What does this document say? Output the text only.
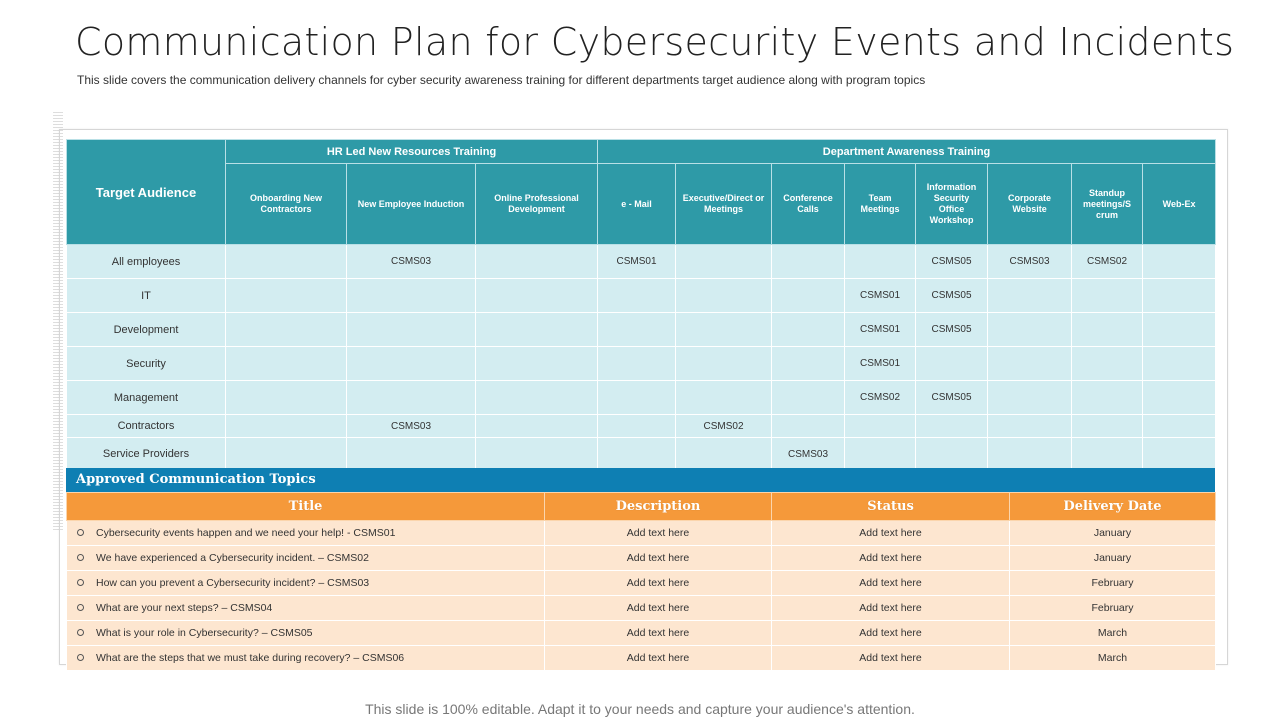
Communication Plan for Cybersecurity Events and Incidents
This slide covers the communication delivery channels for cyber security awareness training for different departments target audience along with program topics
Target Audience	HR Led New Resources Training			Department Awareness Training							
	Onboarding New Contractors	New Employee Induction	Online Professional Development	e - Mail	Executive/Direct or Meetings	Conference Calls	Team Meetings	Information Security Office Workshop	Corporate Website	Standup meetings/S crum	Web-Ex
All employees		CSMS03		CSMS01				CSMS05	CSMS03	CSMS02	
IT							CSMS01	CSMS05			
Development							CSMS01	CSMS05			
Security							CSMS01				
Management							CSMS02	CSMS05			
Contractors		CSMS03			CSMS02						
Service Providers						CSMS03					
Approved Communication Topics
Title	Description	Status	Delivery Date
Cybersecurity events happen and we need your help! - CSMS01	Add text here	Add text here	January
We have experienced a Cybersecurity incident. – CSMS02	Add text here	Add text here	January
How can you prevent a Cybersecurity incident? – CSMS03	Add text here	Add text here	February
What are your next steps? – CSMS04	Add text here	Add text here	February
What is your role in Cybersecurity? – CSMS05	Add text here	Add text here	March
What are the steps that we must take during recovery? – CSMS06	Add text here	Add text here	March
This slide is 100% editable. Adapt it to your needs and capture your audience's attention.
